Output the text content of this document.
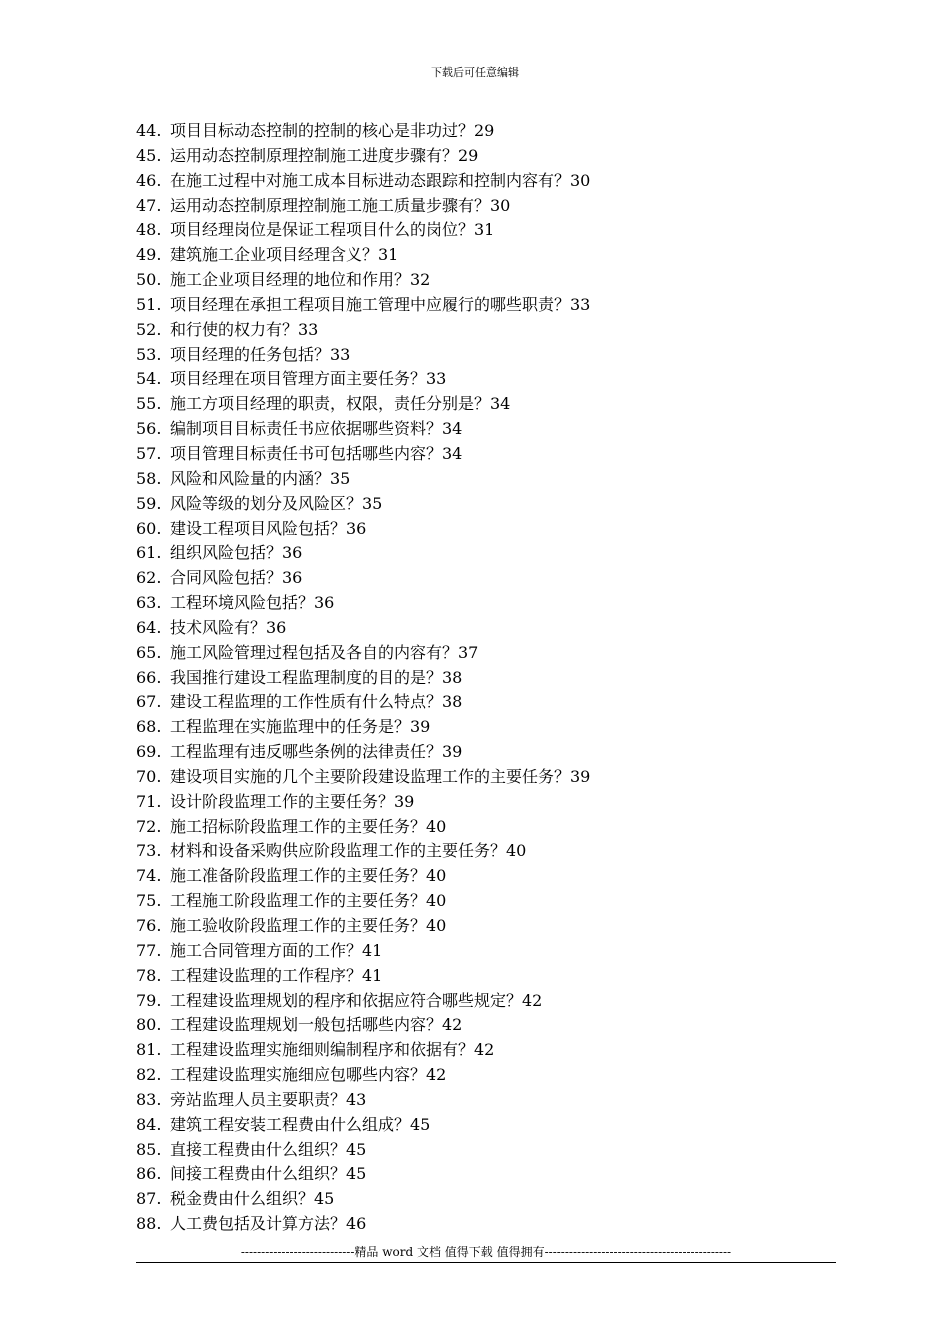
下载后可任意编辑
44. 项目目标动态控制的控制的核心是非功过？29
45. 运用动态控制原理控制施工进度步骤有？29
46. 在施工过程中对施工成本目标进动态跟踪和控制内容有？30
47. 运用动态控制原理控制施工施工质量步骤有？30
48. 项目经理岗位是保证工程项目什么的岗位？31
49. 建筑施工企业项目经理含义？31
50. 施工企业项目经理的地位和作用？32
51. 项目经理在承担工程项目施工管理中应履行的哪些职责？33
52. 和行使的权力有？33
53. 项目经理的任务包括？33
54. 项目经理在项目管理方面主要任务？33
55. 施工方项目经理的职责，权限，责任分别是？34
56. 编制项目目标责任书应依据哪些资料？34
57. 项目管理目标责任书可包括哪些内容？34
58. 风险和风险量的内涵？35
59. 风险等级的划分及风险区？35
60. 建设工程项目风险包括？36
61. 组织风险包括？36
62. 合同风险包括？36
63. 工程环境风险包括？36
64. 技术风险有？36
65. 施工风险管理过程包括及各自的内容有？37
66. 我国推行建设工程监理制度的目的是？38
67. 建设工程监理的工作性质有什么特点？38
68. 工程监理在实施监理中的任务是？39
69. 工程监理有违反哪些条例的法律责任？39
70. 建设项目实施的几个主要阶段建设监理工作的主要任务？39
71. 设计阶段监理工作的主要任务？39
72. 施工招标阶段监理工作的主要任务？40
73. 材料和设备采购供应阶段监理工作的主要任务？40
74. 施工准备阶段监理工作的主要任务？40
75. 工程施工阶段监理工作的主要任务？40
76. 施工验收阶段监理工作的主要任务？40
77. 施工合同管理方面的工作？41
78. 工程建设监理的工作程序？41
79. 工程建设监理规划的程序和依据应符合哪些规定？42
80. 工程建设监理规划一般包括哪些内容？42
81. 工程建设监理实施细则编制程序和依据有？42
82. 工程建设监理实施细应包哪些内容？42
83. 旁站监理人员主要职责？43
84. 建筑工程安装工程费由什么组成？45
85. 直接工程费由什么组织？45
86. 间接工程费由什么组织？45
87. 税金费由什么组织？45
88. 人工费包括及计算方法？46
----------------------------精品 word 文档 值得下载 值得拥有----------------------------------------------
